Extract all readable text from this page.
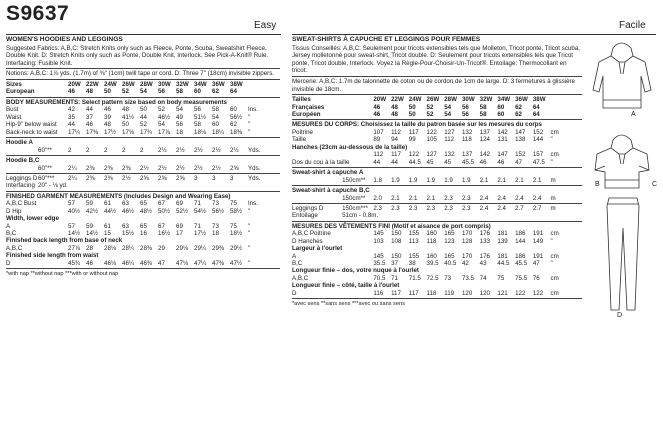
S9637
Easy	Facile
WOMEN'S HOODIES AND LEGGINGS
Suggested Fabrics: A,B,C: Stretch Knits only such as Fleece, Ponte, Scuba, Sweatshirt Fleece, Double Knit. D: Stretch Knits only such as Ponte, Double Knit, Interlock. See Pick-A-Knit® Rule. Interfacing: Fusible Knit.
Notions: A,B,C: 1⅞ yds. (1.7m) of ⅜" (1cm) twill tape or cord. D: Three 7" (18cm) invisible zippers.
Sizes		20W	22W	24W	26W	28W	30W	32W	34W	36W	38W	
European		46	48	50	52	54	56	58	60	62	64	
BODY MEASUREMENTS: Select pattern size based on body measurements
Bust		42	44	46	48	50	52	54	56	58	60	Ins.
Waist		35	37	39	41½	44	46½	49	51½	54	56½	"
Hip-9" below waist		44	46	48	50	52	54	56	58	60	62	"
Back-neck to waist		17¼	17⅜	17½	17⅝	17¾	17⅞	18	18⅛	18¼	18⅜	"
Hoodie A
	60"**	2	2	2	2	2	2½	2½	2½	2½	2½	Yds.
Hoodie B,C
	60"**	2¼	2⅜	2⅜	2⅜	2½	2½	2½	2½	2½	2⅝	Yds.
Leggings D	60"***	2¼	2⅜	2⅜	2½	2⅝	2⅝	2⅝	3	3	3	Yds.
Interfacing	20" - ⅛ yd.											
FINISHED GARMENT MEASUREMENTS (Includes Design and Wearing Ease)
A,B,C Bust		57	59	61	63	65	67	69	71	73	75	Ins.
D Hip		40½	42½	44½	46½	48½	50½	52½	54½	56½	58½	"
Width, lower edge											
A		57	59	61	63	65	67	69	71	73	75	"
B,C		14½	14½	15	15½	16	16½	17	17½	18	18½	"
Finished back length from base of neck											
A,B,C		27⅞	28	28⅛	28¼	28⅜	29	29⅛	29¼	29⅜	29½	"
Finished side length from waist											
D		45¾	46	46⅛	46¼	46⅜	47	47⅛	47¼	47⅜	47½	"
*with nap **without nap ***with or without nap
SWEAT-SHIRTS À CAPUCHE ET LEGGINGS POUR FEMMES
Tissus Conseillés: A,B,C: Seulement pour tricots extensibles tels que Molleton, Tricot ponte, Tricot scuba, Jersey molletonné pour sweat-shirt, Tricot double. D: Seulement pour tricots extensibles tels que Tricot ponte, Tricot double, Interlock. Voyez la Règle-Pour-Choisir-Un-Tricot®. Entoilage: Thermocollant en tricot.
Mercerie: A,B,C: 1.7m de talonnette de coton ou de cordon de 1cm de large. D: 3 fermetures à glissière invisible de 18cm.
Tailles		20W	22W	24W	26W	28W	30W	32W	34W	36W	38W	
Françaises		46	48	50	52	54	56	58	60	62	64	
Européen		46	48	50	52	54	56	58	60	62	64	
MESURES DU CORPS: Choisissez la taille du patron basée sur les mesures du corps
Poitrine		107	112	117	122	127	132	137	142	147	152	cm
Taille		89	94	99	105	112	118	124	131	138	144	"
Hanches (23cm au-dessous de la taille)											
		112	117	122	127	132	137	142	147	152	157	cm
Dos du cou à la taille		44	44	44.5	45	45	45.5	46	46	47	47.5	"
Sweat-shirt à capuche A
	150cm**	1.8	1.9	1.9	1.9	1.9	1.9	2.1	2.1	2.1	2.1	m
Sweat-shirt à capuche B,C
	150cm**	2.0	2.1	2.1	2.1	2.3	2.3	2.4	2.4	2.4	2.4	m
Leggings D	150cm***	2.3	2.3	2.3	2.3	2.3	2.3	2.4	2.4	2.7	2.7	m
Entoilage	51cm - 0.8m.											
MESURES DES VÊTEMENTS FINI (Motif et aisance de port compris)
A,B,C Poitrine		145	150	155	160	165	170	176	181	186	191	cm
D Hanches		103	108	113	118	123	128	133	139	144	149	"
Largeur à l'ourlet											
A		145	150	155	160	165	170	176	181	186	191	cm
B,C		35.5	37	38	39.5	40.5	42	43	44.5	45.5	47	"
Longueur finie – dos, votre nuque à l'ourlet											
A,B,C		70.5	71	71.5	72.5	73	73.5	74	75	75.5	76	cm
Longueur finie – côté, taille à l'ourlet											
D		116	117	117	118	119	120	120	121	122	122	cm
*avec sens **sans sens ***avec ou sans sens
A
B	C
D
